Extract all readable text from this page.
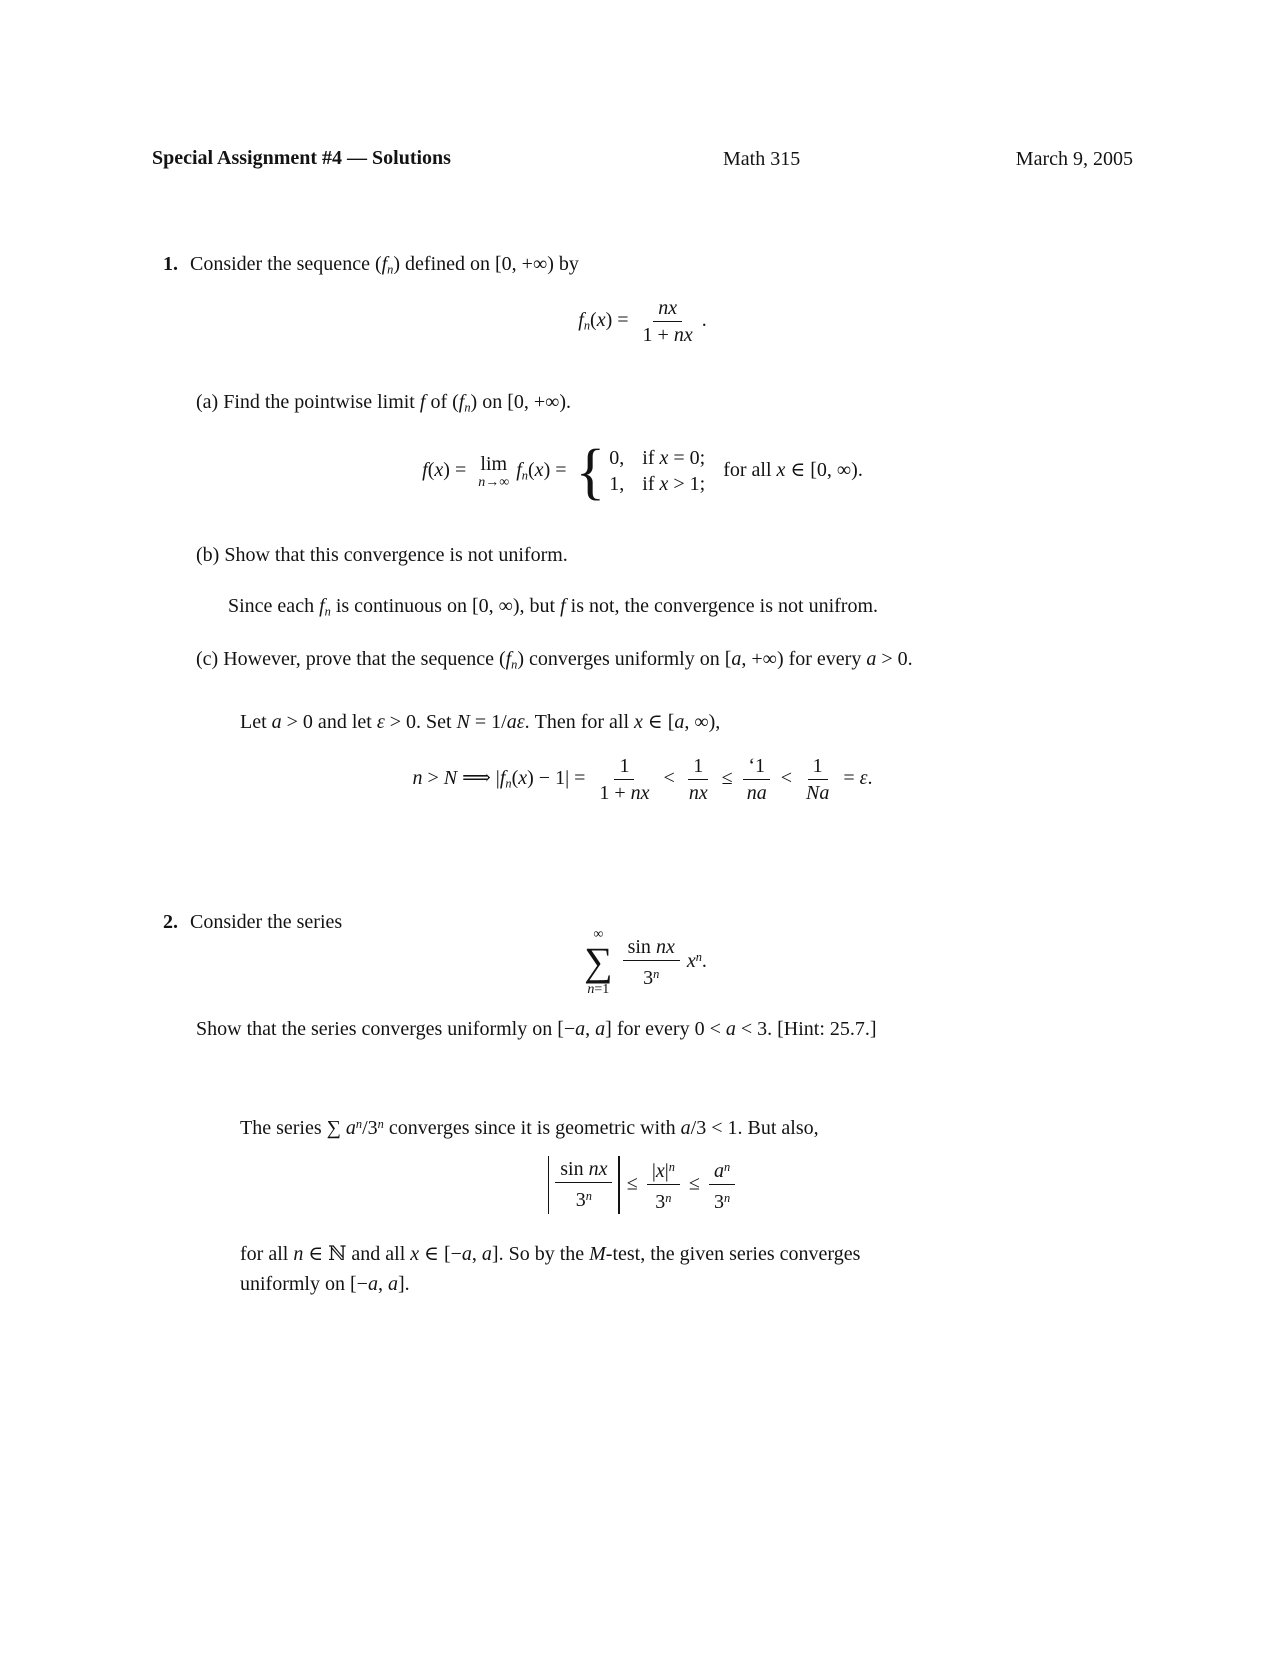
Special Assignment #4 — Solutions	Math 315	March 9, 2005
1. Consider the sequence (fn) defined on [0, +∞) by
$fn(x) = \frac{nx}{1 + nx}$ .
(a) Find the pointwise limit f of (fn) on [0, +∞).
f(x) = lim
n→∞
fn(x) = { 0, if x = 0;
1, if x > 1;
for all x ∈ [0, ∞).
(b) Show that this convergence is not uniform.
Since each fn is continuous on [0, ∞), but f is not, the convergence is not unifrom.
(c) However, prove that the sequence (fn) converges uniformly on [a, +∞) for every a > 0.
Let a > 0 and let ε > 0. Set N = 1/aε. Then for all x ∈ [a, ∞),
n > N ⟹ $|fn(x) - 1| = \frac{1}{1 + nx} < \frac{1}{nx} \le \frac{‘1}{na} < \frac{1}{Na} = \varepsilon$.
2. Consider the series
∞
∑
$n=1 \frac{\text{sin nx}}{3^n} x^n$.
Show that the series converges uniformly on [−a, a] for every 0 < a < 3. [Hint: 25.7.]
The series ∑ $a^n/3^n$ converges since it is geometric with a/3 < 1. But also,
$\frac{\text{sin nx}}{3^n} \le \frac{|x|^n}{3^n} \le \frac{a^n}{3^n}$
for all n ∈ ℕ and all x ∈ [−a, a]. So by the M-test, the given series converges
uniformly on [−a, a].
